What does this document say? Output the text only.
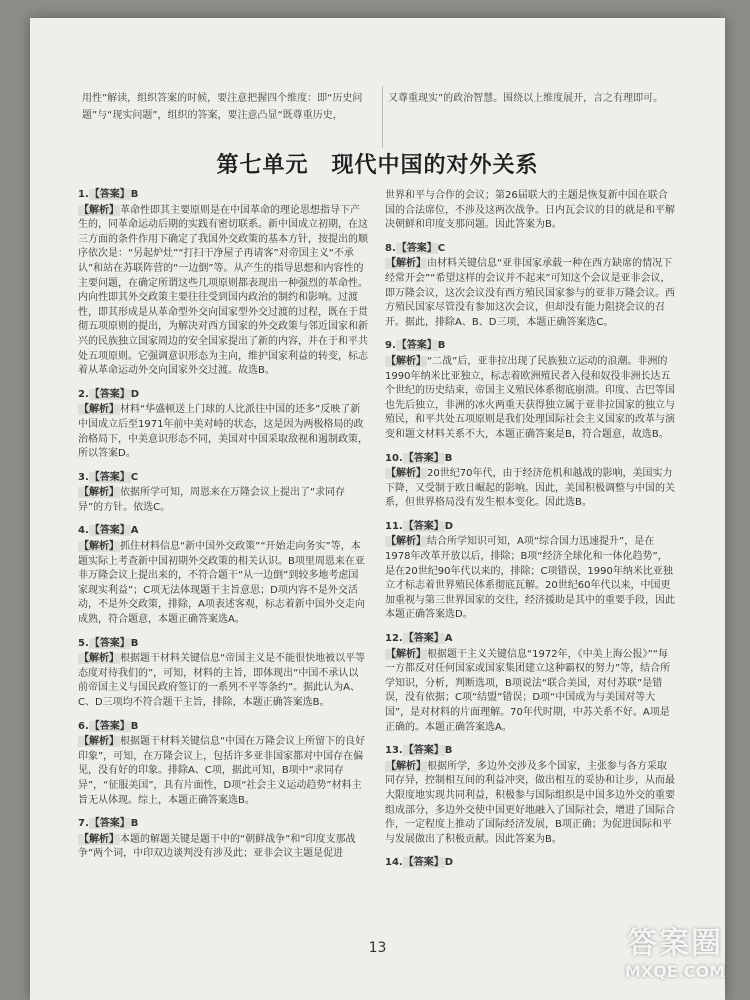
用性”解读，组织答案的时候，要注意把握四个维度：即“历史问题”与“现实问题”，组织的答案，要注意凸显“既尊重历史，
又尊重现实”的政治智慧。围绕以上维度展开，言之有理即可。
第七单元　现代中国的对外关系
1.【答案】B
【解析】革命性即其主要原则是在中国革命的理论思想指导下产生的，同革命运动后期的实践有密切联系。新中国成立初期，在这三方面的条件作用下确定了我国外交政策的基本方针，按提出的顺序依次是：“另起炉灶”“打扫干净屋子再请客”对帝国主义“不承认”和站在苏联阵营的“一边倒”等。从产生的指导思想和内容性的主要问题，在确定所谓这些几项原则都表现出一种强烈的革命性。内向性即其外交政策主要往往受到国内政治的制约和影响。过渡性，即其形成是从革命型外交向国家型外交过渡的过程，既在于贯彻五项原则的提出，为解决对西方国家的外交政策与邻近国家和新兴的民族独立国家周边的安全国家提出了新的内容，并在于和平共处五项原则。它强调意识形态为主向，维护国家利益的转变，标志着从革命运动外交向国家外交过渡。故选B。
2.【答案】D
【解析】材料“华盛顿送上门球的人比派往中国的还多”反映了新中国成立后至1971年前中美对峙的状态，这是因为两极格局的政治格局下，中美意识形态不同，美国对中国采取敌视和遏制政策，所以答案D。
3.【答案】C
【解析】依据所学可知，周恩来在万隆会议上提出了“求同存异”的方针。依选C。
4.【答案】A
【解析】抓住材料信息“新中国外交政策”“开始走向务实”等，本题实际上考查新中国初期外交政策的相关认识。B项里周恩来在亚非万隆会议上提出来的，不符合题干“从一边倒”到较多地考虑国家现实利益”；C项无法体现题干主旨意思；D项内容不是外交活动，不是外交政策，排除，A项表述客观，标志着新中国外交走向成熟，符合题意，本题正确答案选A。
5.【答案】B
【解析】根据题干材料关键信息“帝国主义是不能很快地被以平等态度对待我们的”，可知，材料的主旨，即体现出“中国不承认以前帝国主义与国民政府签订的一系列不平等条约”。据此认为A、C、D三项均不符合题干主旨，排除，本题正确答案选B。
6.【答案】B
【解析】根据题干材料关键信息“中国在万隆会议上所留下的良好印象”，可知，在万隆会议上，包括许多亚非国家都对中国存在偏见，没有好的印象。排除A、C项，据此可知，B项中“求同存异”，“征服美国”，具有片面性，D项“社会主义运动趋势”材料主旨无从体现。综上，本题正确答案选B。
7.【答案】B
【解析】本题的解题关键是题干中的“朝鲜战争”和“印度支那战争”两个词，中印双边谈判没有涉及此；亚非会议主题是促进
世界和平与合作的会议；第26届联大的主题是恢复新中国在联合国的合法席位，不涉及这两次战争。日内瓦会议的目的就是和平解决朝鲜和印度支那问题。因此答案为B。
8.【答案】C
【解析】由材料关键信息“亚非国家承载一种在西方缺席的情况下经常开会”“希望这样的会议并不起来”可知这个会议是亚非会议，即万隆会议，这次会议没有西方殖民国家参与的亚非万隆会议。西方殖民国家尽管没有参加这次会议，但却没有能力阻挠会议的召开。据此，排除A、B、D三项，本题正确答案选C。
9.【答案】B
【解析】“二战”后，亚非拉出现了民族独立运动的浪潮。非洲的1990年纳米比亚独立，标志着欧洲殖民者入侵和奴役非洲长达五个世纪的历史结束，帝国主义殖民体系彻底崩溃。印度、古巴等国也先后独立，非洲的冰火两重天获得独立属于亚非拉国家的独立与殖民，和平共处五项原则是我们处理国际社会主义国家的改革与演变和题文材料关系不大，本题正确答案是B，符合题意，故选B。
10.【答案】B
【解析】20世纪70年代，由于经济危机和越战的影响，美国实力下降，又受制于欧日崛起的影响。因此，美国积极调整与中国的关系，但世界格局没有发生根本变化。因此选B。
11.【答案】D
【解析】结合所学知识可知，A项“综合国力迅速提升”，是在1978年改革开放以后，排除；B项“经济全球化和一体化趋势”，是在20世纪90年代以来的，排除；C项错误，1990年纳米比亚独立才标志着世界殖民体系彻底瓦解。20世纪60年代以来，中国更加重视与第三世界国家的交往，经济援助是其中的重要手段，因此本题正确答案选D。
12.【答案】A
【解析】根据题干主义关键信息“1972年，《中美上海公报》”“每一方都反对任何国家或国家集团建立这种霸权的努力”等，结合所学知识，分析，判断选项，B项说法“联合美国，对付苏联”是错误，没有依据；C项“结盟”错误；D项“中国成为与美国对等大国”，是对材料的片面理解。70年代时期，中苏关系不好。A项是正确的。本题正确答案选A。
13.【答案】B
【解析】根据所学，多边外交涉及多个国家，主张参与各方采取同存异，控制相互间的利益冲突，做出相互的妥协和让步，从而最大限度地实现共同利益，积极参与国际组织是中国多边外交的重要组成部分，多边外交使中国更好地融入了国际社会，增进了国际合作，一定程度上推动了国际经济发展，B项正确；为促进国际和平与发展做出了积极贡献。因此答案为B。
14.【答案】D
13	答案圈
MXQE.COM
